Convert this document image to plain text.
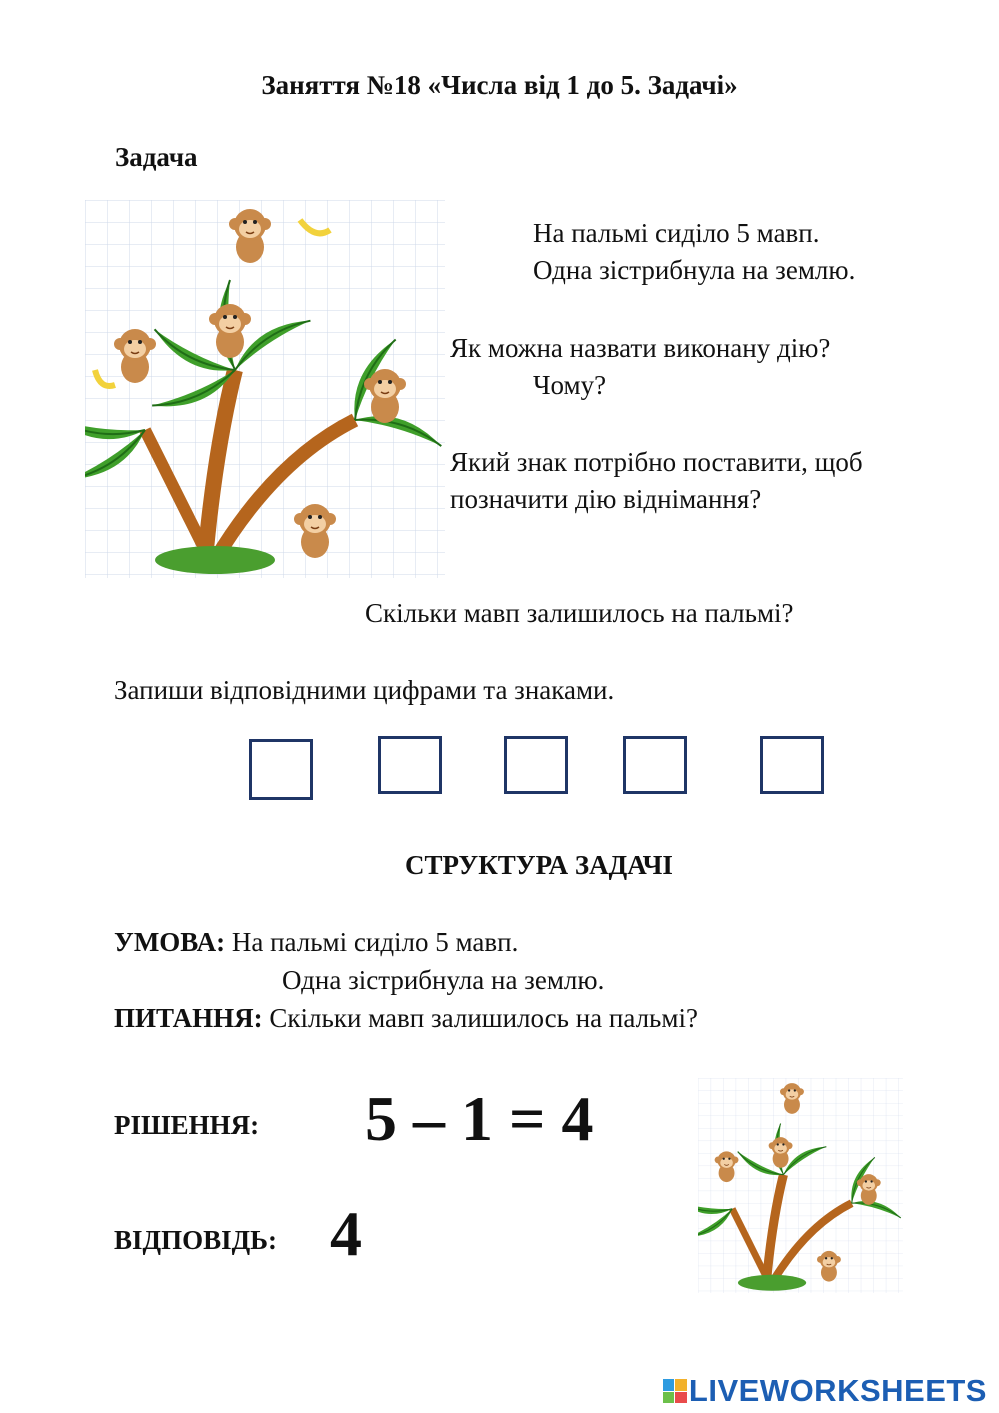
Заняття №18 «Числа від 1 до 5. Задачі»
Задача
На пальмі сиділо 5 мавп.
Одна зістрибнула на землю.
Як можна назвати виконану дію?
Чому?
Який знак потрібно поставити, щоб
позначити дію віднімання?
Скільки мавп залишилось на пальмі?
Запиши відповідними цифрами та знаками.
СТРУКТУРА ЗАДАЧІ
УМОВА: На пальмі сиділо 5 мавп.
Одна зістрибнула на землю.
ПИТАННЯ: Скільки мавп залишилось на пальмі?
РІШЕННЯ: 5 – 1 = 4
ВІДПОВІДЬ: 4
LIVEWORKSHEETS
